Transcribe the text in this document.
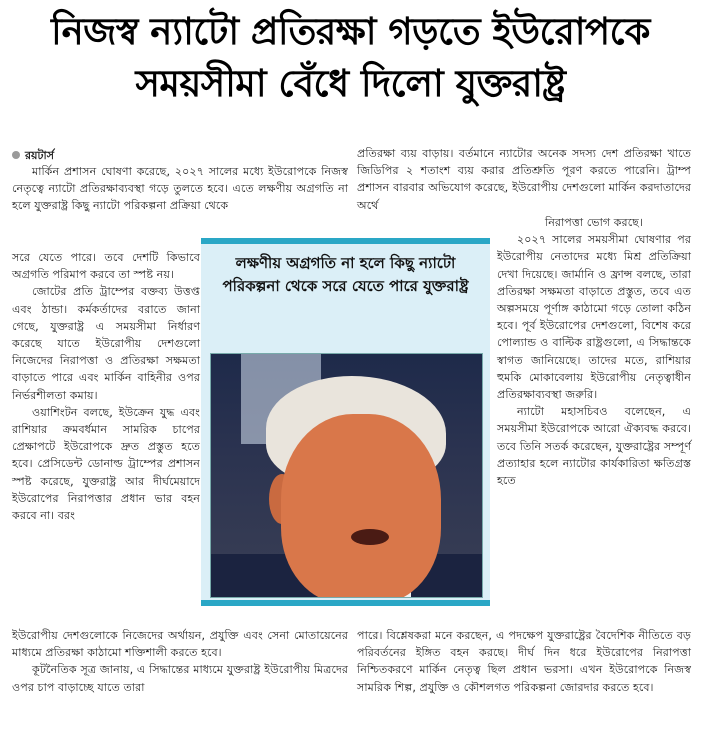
নিজস্ব ন্যাটো প্রতিরক্ষা গড়তে ইউরোপকে
সময়সীমা বেঁধে দিলো যুক্তরাষ্ট্র
রয়টার্স

মার্কিন প্রশাসন ঘোষণা করেছে, ২০২৭ সালের মধ্যে ইউরোপকে নিজস্ব নেতৃত্বে ন্যাটো প্রতিরক্ষাব্যবস্থা গড়ে তুলতে হবে। এতে লক্ষণীয় অগ্রগতি না হলে যুক্তরাষ্ট্র কিছু ন্যাটো পরিকল্পনা প্রক্রিয়া থেকে

সরে যেতে পারে। তবে দেশটি কিভাবে অগ্রগতি পরিমাপ করবে তা স্পষ্ট নয়।

জোটের প্রতি ট্রাম্পের বক্তব্য উত্তপ্ত এবং ঠান্ডা। কর্মকর্তাদের বরাতে জানা গেছে, যুক্তরাষ্ট্র এ সময়সীমা নির্ধারণ করেছে যাতে ইউরোপীয় দেশগুলো নিজেদের নিরাপত্তা ও প্রতিরক্ষা সক্ষমতা বাড়াতে পারে এবং মার্কিন বাহিনীর ওপর নির্ভরশীলতা কমায়।

ওয়াশিংটন বলছে, ইউক্রেন যুদ্ধ এবং রাশিয়ার ক্রমবর্ধমান সামরিক চাপের প্রেক্ষাপটে ইউরোপকে দ্রুত প্রস্তুত হতে হবে। প্রেসিডেন্ট ডোনাল্ড ট্রাম্পের প্রশাসন স্পষ্ট করেছে, যুক্তরাষ্ট্র আর দীর্ঘমেয়াদে ইউরোপের নিরাপত্তার প্রধান ভার বহন করবে না। বরং

ইউরোপীয় দেশগুলোকে নিজেদের অর্থায়ন, প্রযুক্তি এবং সেনা মোতায়েনের মাধ্যমে প্রতিরক্ষা কাঠামো শক্তিশালী করতে হবে।

কূটনৈতিক সূত্র জানায়, এ সিদ্ধান্তের মাধ্যমে যুক্তরাষ্ট্র ইউরোপীয় মিত্রদের ওপর চাপ বাড়াচ্ছে যাতে তারা

প্রতিরক্ষা ব্যয় বাড়ায়। বর্তমানে ন্যাটোর অনেক সদস্য দেশ প্রতিরক্ষা খাতে জিডিপির ২ শতাংশ ব্যয় করার প্রতিশ্রুতি পূরণ করতে পারেনি। ট্রাম্প প্রশাসন বারবার অভিযোগ করেছে, ইউরোপীয় দেশগুলো মার্কিন করদাতাদের অর্থে

নিরাপত্তা ভোগ করছে।

২০২৭ সালের সময়সীমা ঘোষণার পর ইউরোপীয় নেতাদের মধ্যে মিশ্র প্রতিক্রিয়া দেখা দিয়েছে। জার্মানি ও ফ্রান্স বলছে, তারা প্রতিরক্ষা সক্ষমতা বাড়াতে প্রস্তুত, তবে এত অল্পসময়ে পূর্ণাঙ্গ কাঠামো গড়ে তোলা কঠিন হবে। পূর্ব ইউরোপের দেশগুলো, বিশেষ করে পোল্যান্ড ও বাল্টিক রাষ্ট্রগুলো, এ সিদ্ধান্তকে স্বাগত জানিয়েছে। তাদের মতে, রাশিয়ার হুমকি মোকাবেলায় ইউরোপীয় নেতৃত্বাধীন প্রতিরক্ষাব্যবস্থা জরুরি।

ন্যাটো মহাসচিবও বলেছেন, এ সময়সীমা ইউরোপকে আরো ঐক্যবদ্ধ করবে। তবে তিনি সতর্ক করেছেন, যুক্তরাষ্ট্রের সম্পূর্ণ প্রত্যাহার হলে ন্যাটোর কার্যকারিতা ক্ষতিগ্রস্ত হতে

পারে। বিশ্লেষকরা মনে করছেন, এ পদক্ষেপ যুক্তরাষ্ট্রের বৈদেশিক নীতিতে বড় পরিবর্তনের ইঙ্গিত বহন করছে। দীর্ঘ দিন ধরে ইউরোপের নিরাপত্তা নিশ্চিতকরণে মার্কিন নেতৃত্ব ছিল প্রধান ভরসা। এখন ইউরোপকে নিজস্ব সামরিক শিল্প, প্রযুক্তি ও কৌশলগত পরিকল্পনা জোরদার করতে হবে।

লক্ষণীয় অগ্রগতি না হলে কিছু ন্যাটো পরিকল্পনা থেকে সরে যেতে পারে যুক্তরাষ্ট্র
